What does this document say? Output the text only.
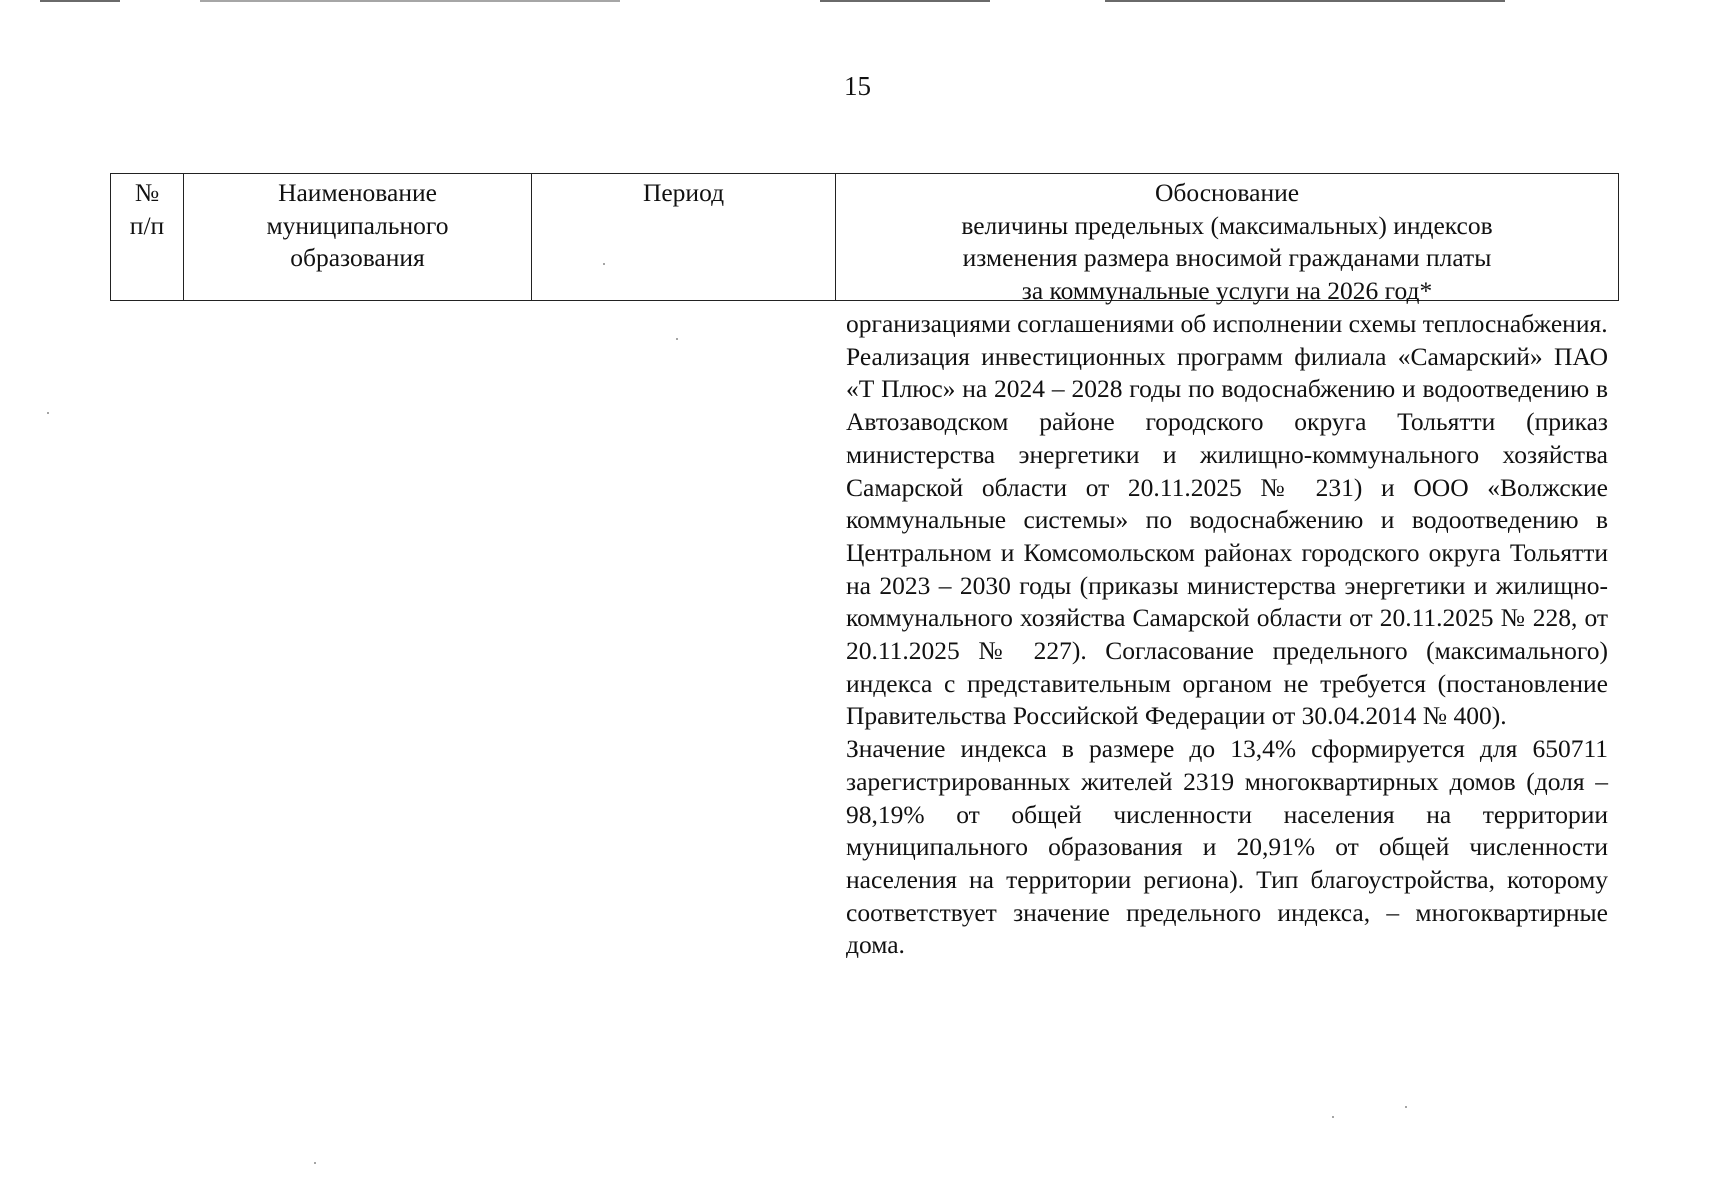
15
№
п/п
Наименование
муниципального
образования
Период	Обоснование
величины предельных (максимальных) индексов
изменения размера вносимой гражданами платы
за коммунальные услуги на 2026 год*

организациями соглашениями об исполнении схемы теплоснабжения.

Реализация инвестиционных программ филиала «Самарский» ПАО «Т Плюс» на 2024 – 2028 годы по водоснабжению и водоотведению в Автозаводском районе городского округа Тольятти (приказ министерства энергетики и жилищно-коммунального хозяйства Самарской области от 20.11.2025 № 231) и ООО «Волжские коммунальные системы» по водоснабжению и водоотведению в Центральном и Комсомольском районах городского округа Тольятти на 2023 – 2030 годы (приказы министерства энергетики и жилищно-коммунального хозяйства Самарской области от 20.11.2025 № 228, от 20.11.2025 № 227). Согласование предельного (максимального) индекса с представительным органом не требуется (постановление Правительства Российской Федерации от 30.04.2014 № 400).

Значение индекса в размере до 13,4% сформируется для 650711 зарегистрированных жителей 2319 многоквартирных домов (доля – 98,19% от общей численности населения на территории муниципального образования и 20,91% от общей численности населения на территории региона). Тип благоустройства, которому соответствует значение предельного индекса, – многоквартирные дома.
